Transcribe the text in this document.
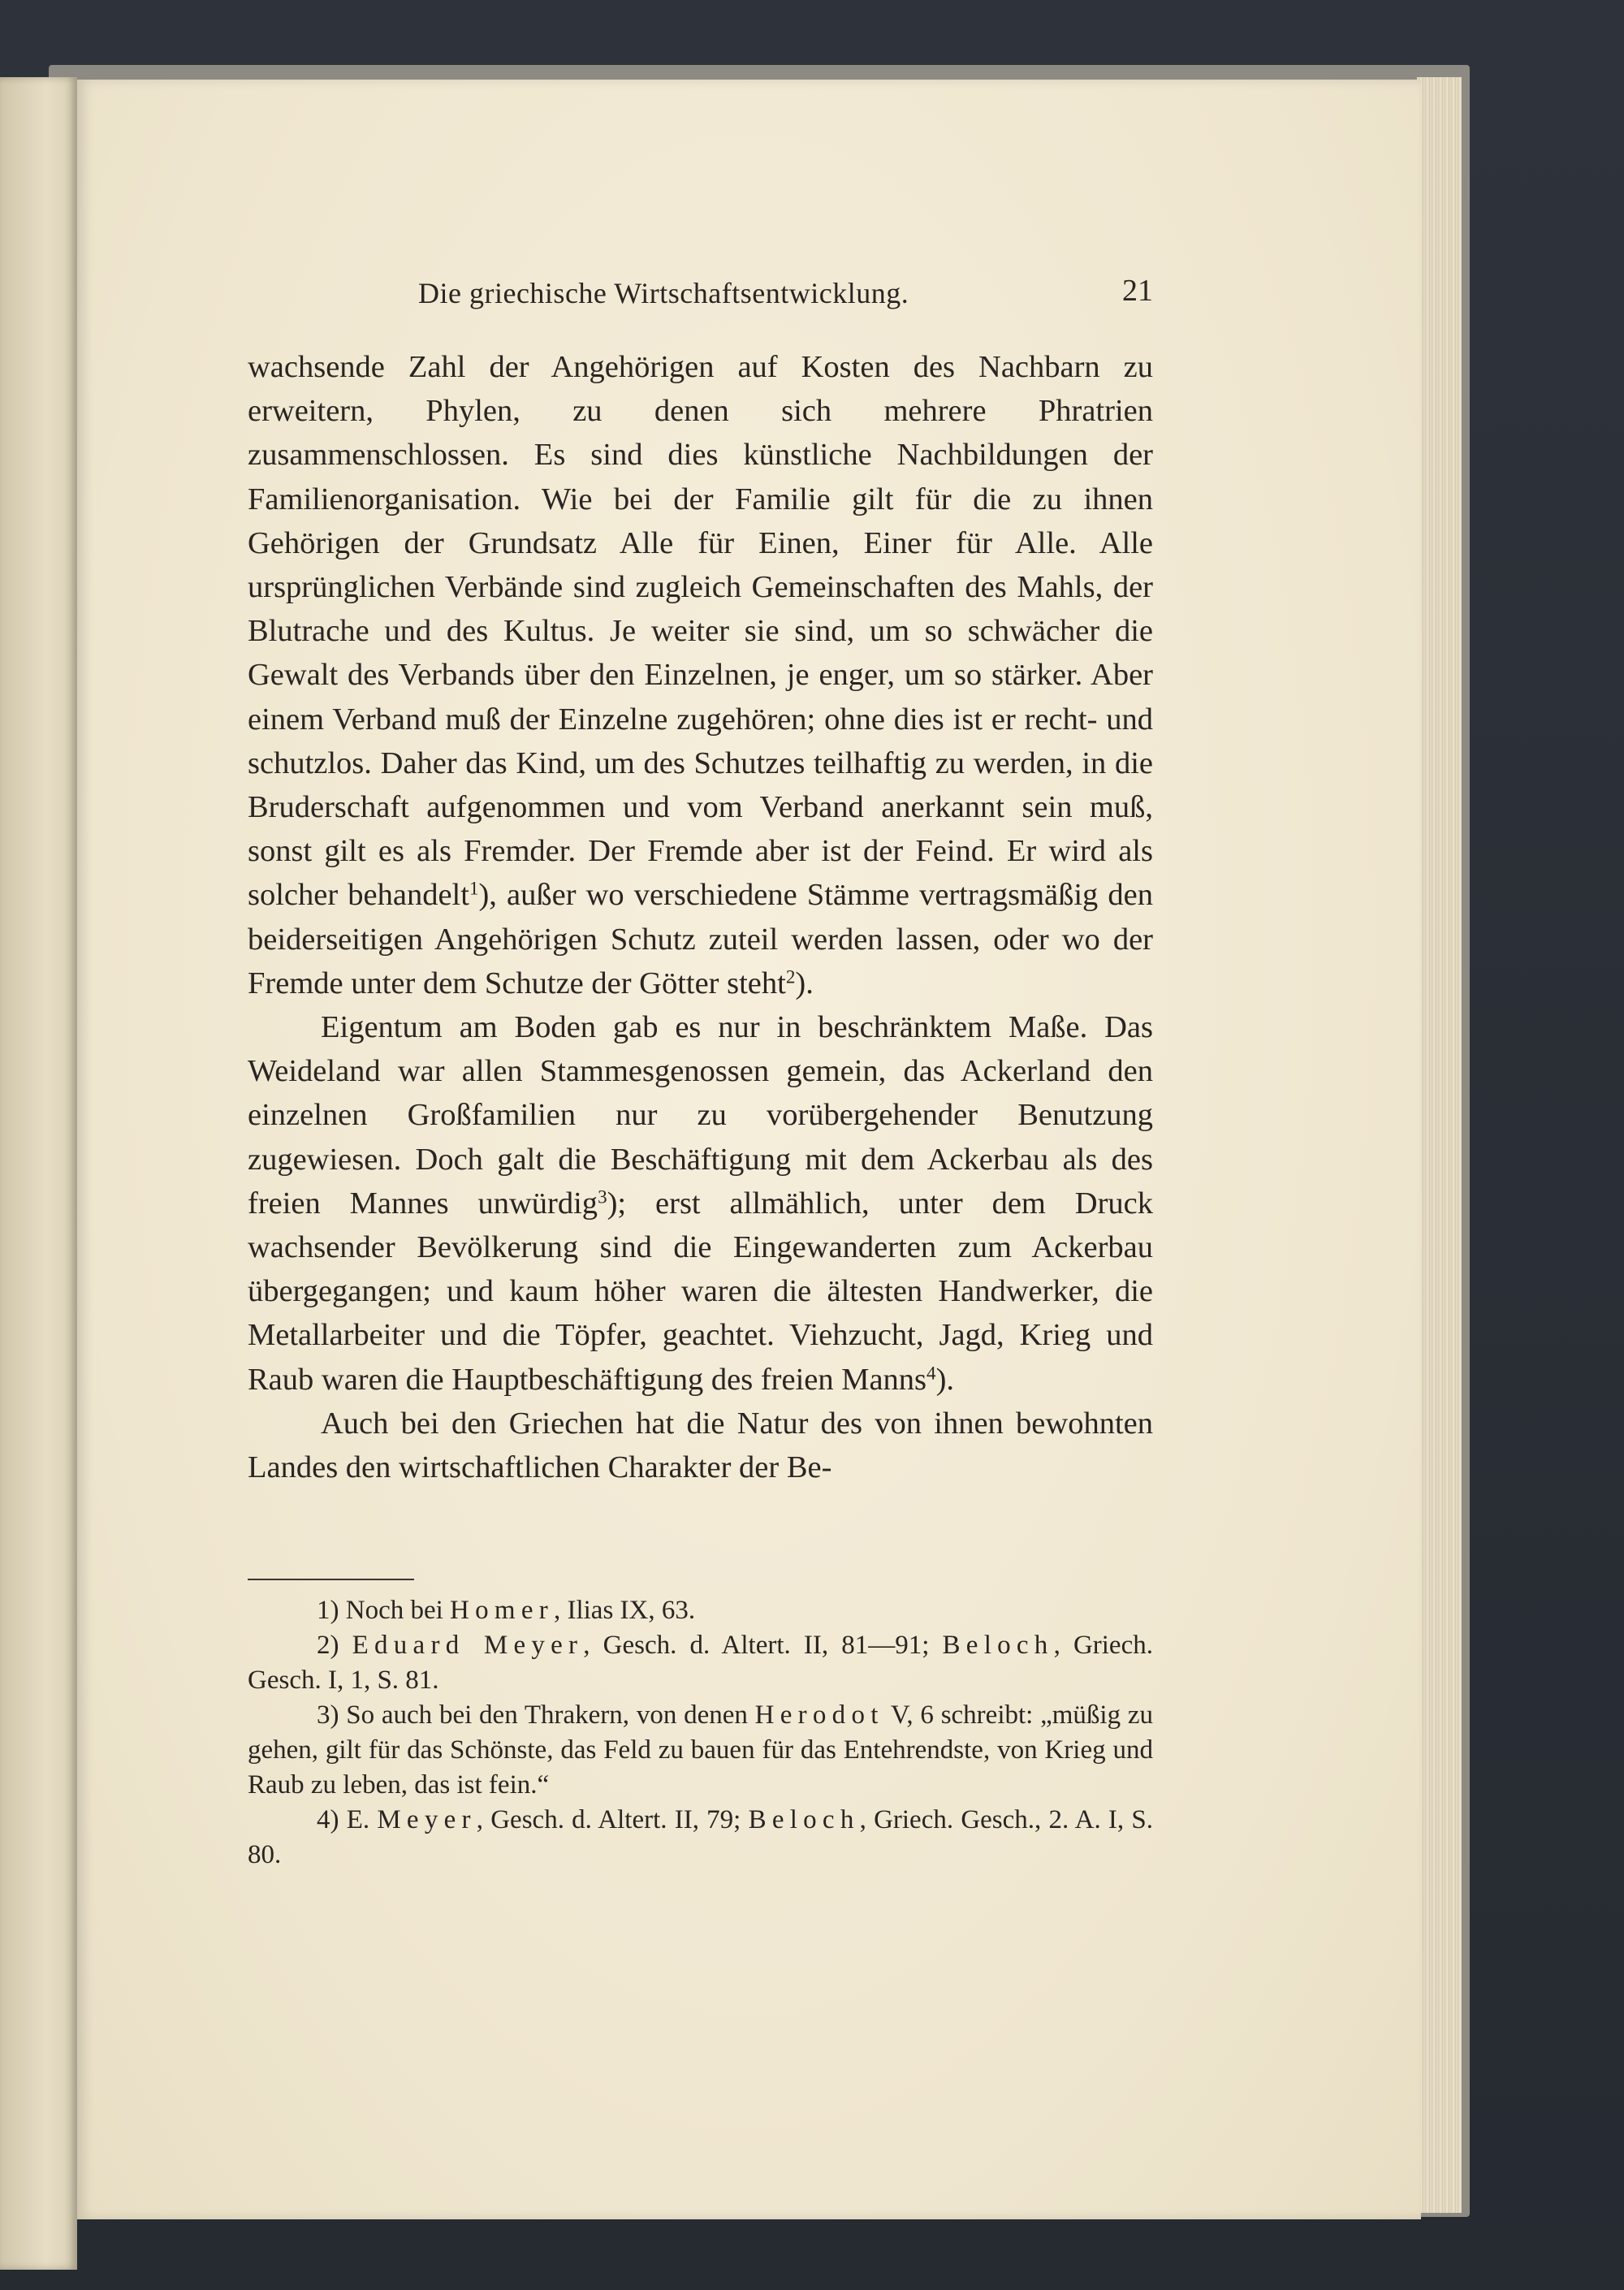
Die griechische Wirtschaftsentwicklung.	21

wachsende Zahl der Angehörigen auf Kosten des Nachbarn zu erweitern, Phylen, zu denen sich mehrere Phratrien zusammenschlossen. Es sind dies künstliche Nachbildungen der Familienorganisation. Wie bei der Familie gilt für die zu ihnen Gehörigen der Grundsatz Alle für Einen, Einer für Alle. Alle ursprünglichen Verbände sind zugleich Gemeinschaften des Mahls, der Blutrache und des Kultus. Je weiter sie sind, um so schwächer die Gewalt des Verbands über den Einzelnen, je enger, um so stärker. Aber einem Verband muß der Einzelne zugehören; ohne dies ist er recht- und schutzlos. Daher das Kind, um des Schutzes teilhaftig zu werden, in die Bruderschaft aufgenommen und vom Verband anerkannt sein muß, sonst gilt es als Fremder. Der Fremde aber ist der Feind. Er wird als solcher behandelt$^1$), außer wo verschiedene Stämme vertragsmäßig den beiderseitigen Angehörigen Schutz zuteil werden lassen, oder wo der Fremde unter dem Schutze der Götter steht$^2$).

Eigentum am Boden gab es nur in beschränktem Maße. Das Weideland war allen Stammesgenossen gemein, das Ackerland den einzelnen Großfamilien nur zu vorübergehender Benutzung zugewiesen. Doch galt die Beschäftigung mit dem Ackerbau als des freien Mannes unwürdig$^3$); erst allmählich, unter dem Druck wachsender Bevölkerung sind die Eingewanderten zum Ackerbau übergegangen; und kaum höher waren die ältesten Handwerker, die Metallarbeiter und die Töpfer, geachtet. Viehzucht, Jagd, Krieg und Raub waren die Hauptbeschäftigung des freien Manns$^4$).

Auch bei den Griechen hat die Natur des von ihnen bewohnten Landes den wirtschaftlichen Charakter der Be-

1) Noch bei Homer, Ilias IX, 63.

2) Eduard Meyer, Gesch. d. Altert. II, 81—91; Beloch, Griech. Gesch. I, 1, S. 81.

3) So auch bei den Thrakern, von denen Herodot V, 6 schreibt: „müßig zu gehen, gilt für das Schönste, das Feld zu bauen für das Entehrendste, von Krieg und Raub zu leben, das ist fein.“

4) E. Meyer, Gesch. d. Altert. II, 79; Beloch, Griech. Gesch., 2. A. I, S. 80.
